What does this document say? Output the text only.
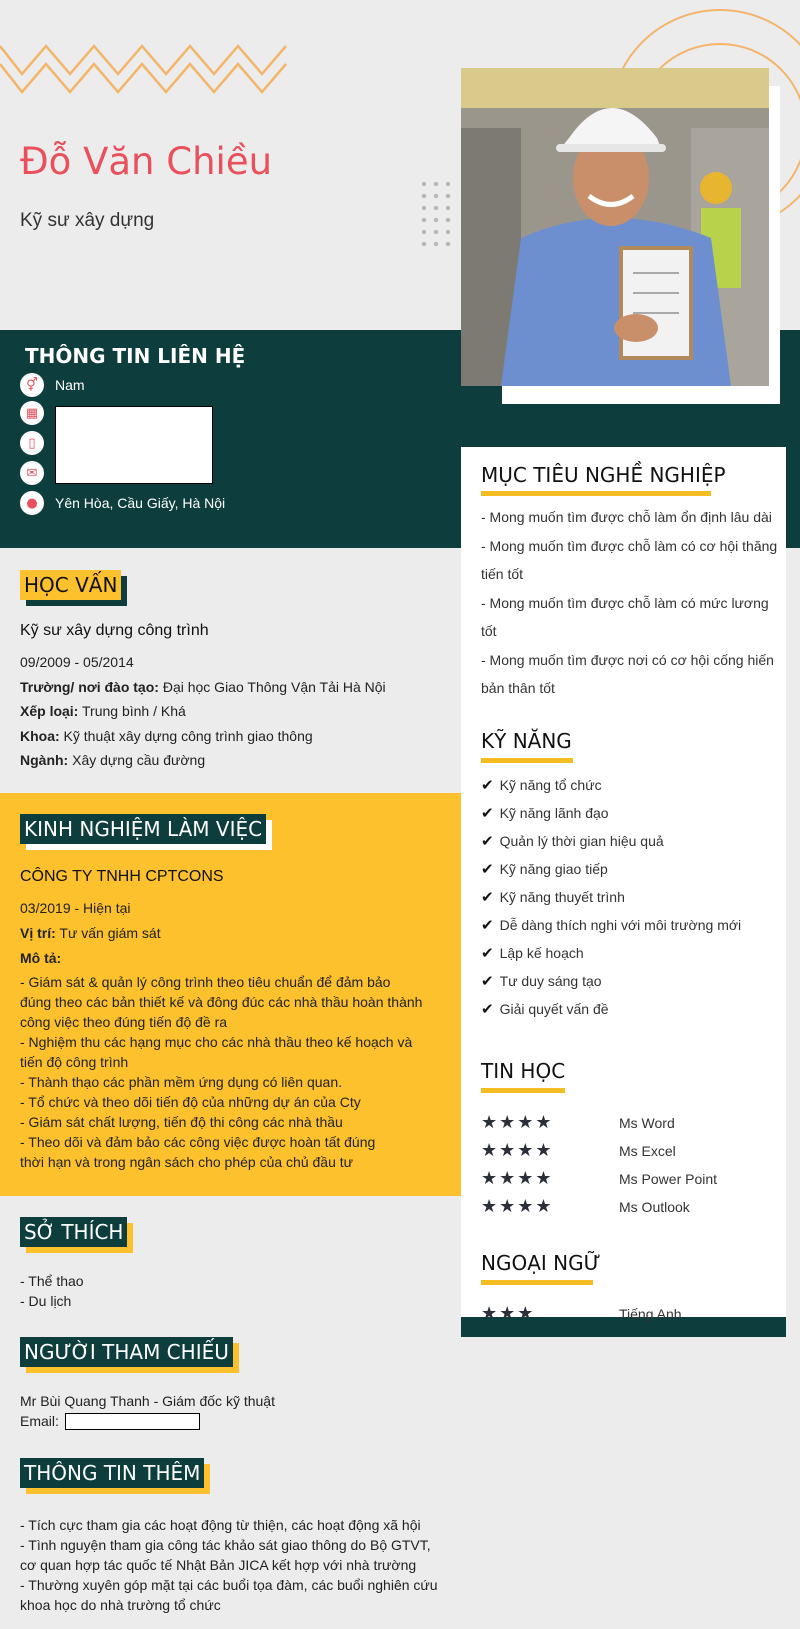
Đỗ Văn Chiều
Kỹ sư xây dựng
THÔNG TIN LIÊN HỆ
⚥	Nam
▦
▯
✉
●	Yên Hòa, Cầu Giấy, Hà Nội
MỤC TIÊU NGHỀ NGHIỆP
- Mong muốn tìm được chỗ làm ổn định lâu dài
- Mong muốn tìm được chỗ làm có cơ hội thăng
tiến tốt
- Mong muốn tìm được chỗ làm có mức lương
tốt
- Mong muốn tìm được nơi có cơ hội cống hiến
bản thân tốt
KỸ NĂNG
✔ Kỹ năng tổ chức
✔ Kỹ năng lãnh đạo
✔ Quản lý thời gian hiệu quả
✔ Kỹ năng giao tiếp
✔ Kỹ năng thuyết trình
✔ Dễ dàng thích nghi với môi trường mới
✔ Lập kế hoạch
✔ Tư duy sáng tạo
✔ Giải quyết vấn đề
TIN HỌC
★★★★	Ms Word
★★★★	Ms Excel
★★★★	Ms Power Point
★★★★	Ms Outlook
NGOẠI NGỮ
★★★	Tiếng Anh
HỌC VẤN
Kỹ sư xây dựng công trình
09/2009 - 05/2014
Trường/ nơi đào tạo: Đại học Giao Thông Vận Tải Hà Nội
Xếp loại: Trung bình / Khá
Khoa: Kỹ thuật xây dựng công trình giao thông
Ngành: Xây dựng cầu đường
KINH NGHIỆM LÀM VIỆC
CÔNG TY TNHH CPTCONS
03/2019 - Hiện tại
Vị trí: Tư vấn giám sát
Mô tả:
- Giám sát & quản lý công trình theo tiêu chuẩn để đảm bảo
đúng theo các bản thiết kế và đông đúc các nhà thầu hoàn thành
công việc theo đúng tiến độ đề ra
- Nghiệm thu các hạng mục cho các nhà thầu theo kế hoạch và
tiến độ công trình
- Thành thạo các phần mềm ứng dụng có liên quan.
- Tổ chức và theo dõi tiến độ của những dự án của Cty
- Giám sát chất lượng, tiến độ thi công các nhà thầu
- Theo dõi và đảm bảo các công việc được hoàn tất đúng
thời hạn và trong ngân sách cho phép của chủ đầu tư
SỞ THÍCH
- Thể thao
- Du lịch
NGƯỜI THAM CHIẾU
Mr Bùi Quang Thanh - Giám đốc kỹ thuật
Email:
THÔNG TIN THÊM
- Tích cực tham gia các hoạt động từ thiện, các hoạt động xã hội
- Tình nguyện tham gia công tác khảo sát giao thông do Bộ GTVT,
cơ quan hợp tác quốc tế Nhật Bản JICA kết hợp với nhà trường
- Thường xuyên góp mặt tại các buổi tọa đàm, các buổi nghiên cứu
khoa học do nhà trường tổ chức
